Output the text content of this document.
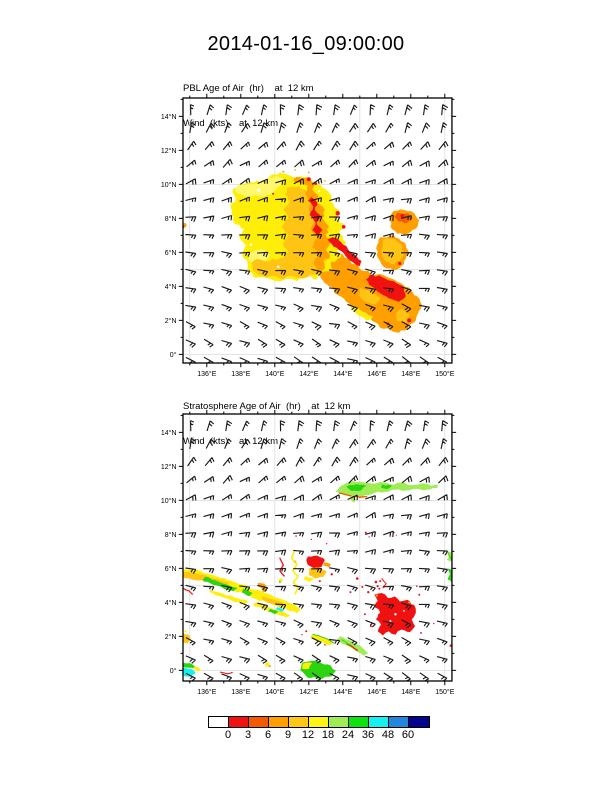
2014-01-16_09:00:00

PBL Age of Air  (hr)    at  12 km

Wind  (kts)    at  12 km

136°E 138°E 140°E 142°E 144°E 146°E 148°E 150°E
0°
2°N
4°N
6°N
8°N
10°N
12°N
14°N

Stratosphere Age of Air  (hr)    at  12 km

Wind  (kts)    at  12 km

136°E 138°E 140°E 142°E 144°E 146°E 148°E 150°E
0°
2°N
4°N
6°N
8°N
10°N
12°N
14°N
0	3	6	9 12 18 24 36 48 60
